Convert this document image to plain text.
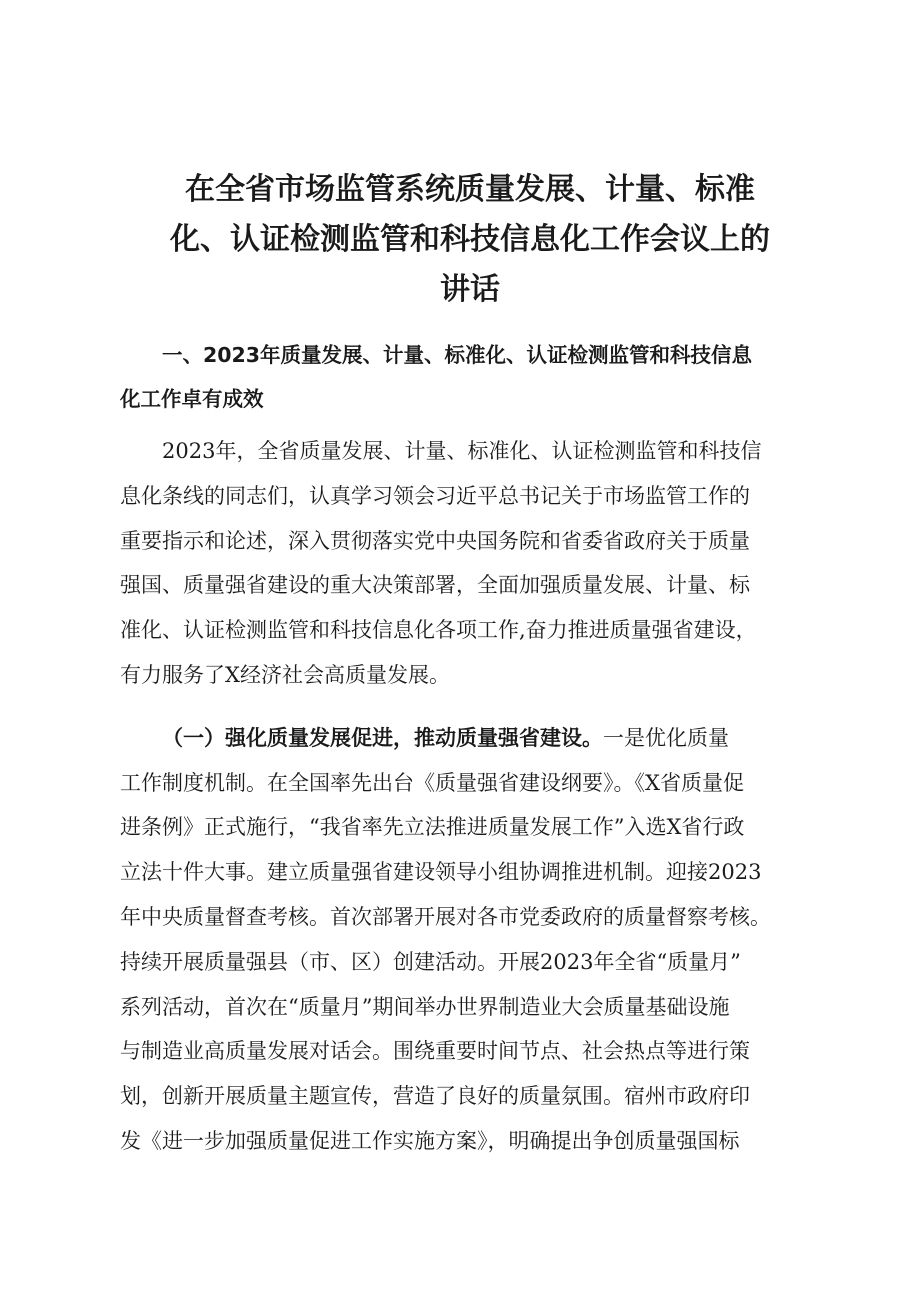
在全省市场监管系统质量发展、计量、标准
化、认证检测监管和科技信息化工作会议上的
讲话
一、2023年质量发展、计量、标准化、认证检测监管和科技信息
化工作卓有成效
2023年，全省质量发展、计量、标准化、认证检测监管和科技信
息化条线的同志们，认真学习领会习近平总书记关于市场监管工作的
重要指示和论述，深入贯彻落实党中央国务院和省委省政府关于质量
强国、质量强省建设的重大决策部署，全面加强质量发展、计量、标
准化、认证检测监管和科技信息化各项工作,奋力推进质量强省建设，
有力服务了X经济社会高质量发展。
（一）强化质量发展促进，推动质量强省建设。一是优化质量
工作制度机制。在全国率先出台《质量强省建设纲要》。《X省质量促
进条例》正式施行，“我省率先立法推进质量发展工作”入选X省行政
立法十件大事。建立质量强省建设领导小组协调推进机制。迎接2023
年中央质量督查考核。首次部署开展对各市党委政府的质量督察考核。
持续开展质量强县（市、区）创建活动。开展2023年全省“质量月”
系列活动，首次在“质量月”期间举办世界制造业大会质量基础设施
与制造业高质量发展对话会。围绕重要时间节点、社会热点等进行策
划，创新开展质量主题宣传，营造了良好的质量氛围。宿州市政府印
发《进一步加强质量促进工作实施方案》，明确提出争创质量强国标
